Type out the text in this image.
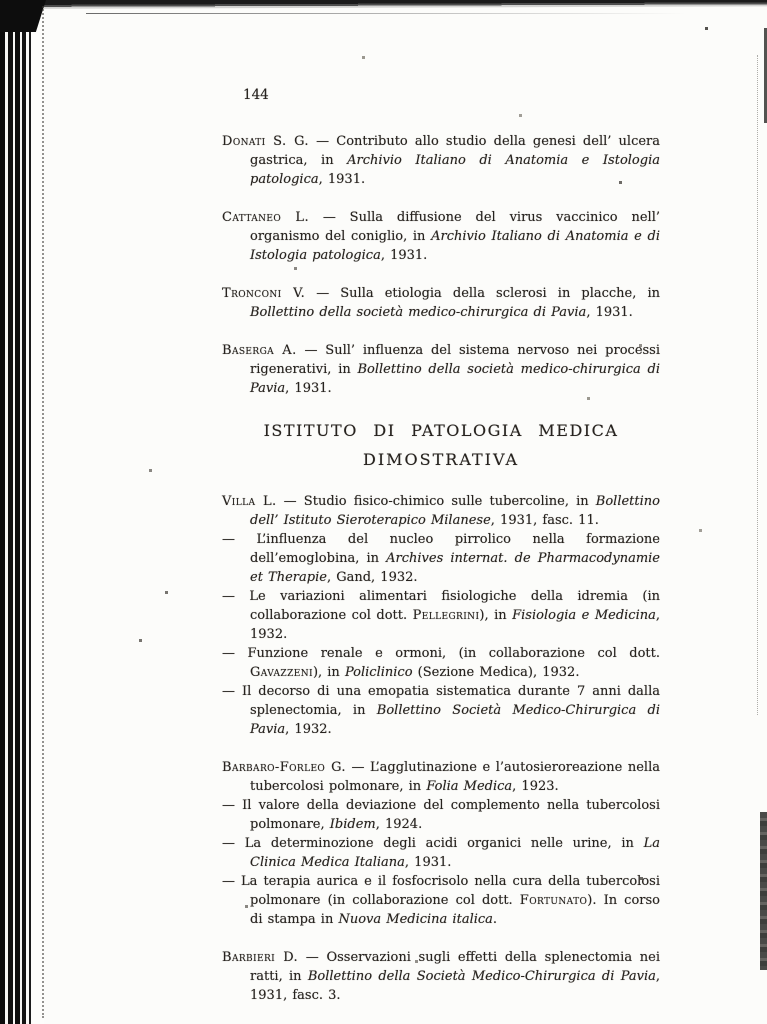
144

Donati S. G. — Contributo allo studio della genesi dell’ ulcera gastrica, in Archivio Italiano di Anatomia e Istologia patologica, 1931.

Cattaneo L. — Sulla diffusione del virus vaccinico nell’ organismo del coniglio, in Archivio Italiano di Anatomia e di Istologia patologica, 1931.

Tronconi V. — Sulla etiologia della sclerosi in placche, in Bollettino della società medico-chirurgica di Pavia, 1931.

Baserga A. — Sull’ influenza del sistema nervoso nei processi rigenerativi, in Bollettino della società medico-chirurgica di Pavia, 1931.

ISTITUTO DI PATOLOGIA MEDICA
DIMOSTRATIVA

Villa L. — Studio fisico-chimico sulle tubercoline, in Bollettino dell’ Istituto Sieroterapico Milanese, 1931, fasc. 11.

— L’influenza del nucleo pirrolico nella formazione dell’emoglobina, in Archives internat. de Pharmacodynamie et Therapie, Gand, 1932.

— Le variazioni alimentari fisiologiche della idremia (in collaborazione col dott. Pellegrini), in Fisiologia e Medicina, 1932.

— Funzione renale e ormoni, (in collaborazione col dott. Gavazzeni), in Policlinico (Sezione Medica), 1932.

— Il decorso di una emopatia sistematica durante 7 anni dalla splenectomia, in Bollettino Società Medico-Chirurgica di Pavia, 1932.

Barbaro-Forleo G. — L’agglutinazione e l’autosieroreazione nella tubercolosi polmonare, in Folia Medica, 1923.

— Il valore della deviazione del complemento nella tubercolosi polmonare, Ibidem, 1924.

— La determinozione degli acidi organici nelle urine, in La Clinica Medica Italiana, 1931.

— La terapia aurica e il fosfocrisolo nella cura della tubercolosi polmonare (in collaborazione col dott. Fortunato). In corso di stampa in Nuova Medicina italica.

Barbieri D. — Osservazioni sugli effetti della splenectomia nei ratti, in Bollettino della Società Medico-Chirurgica di Pavia, 1931, fasc. 3.
